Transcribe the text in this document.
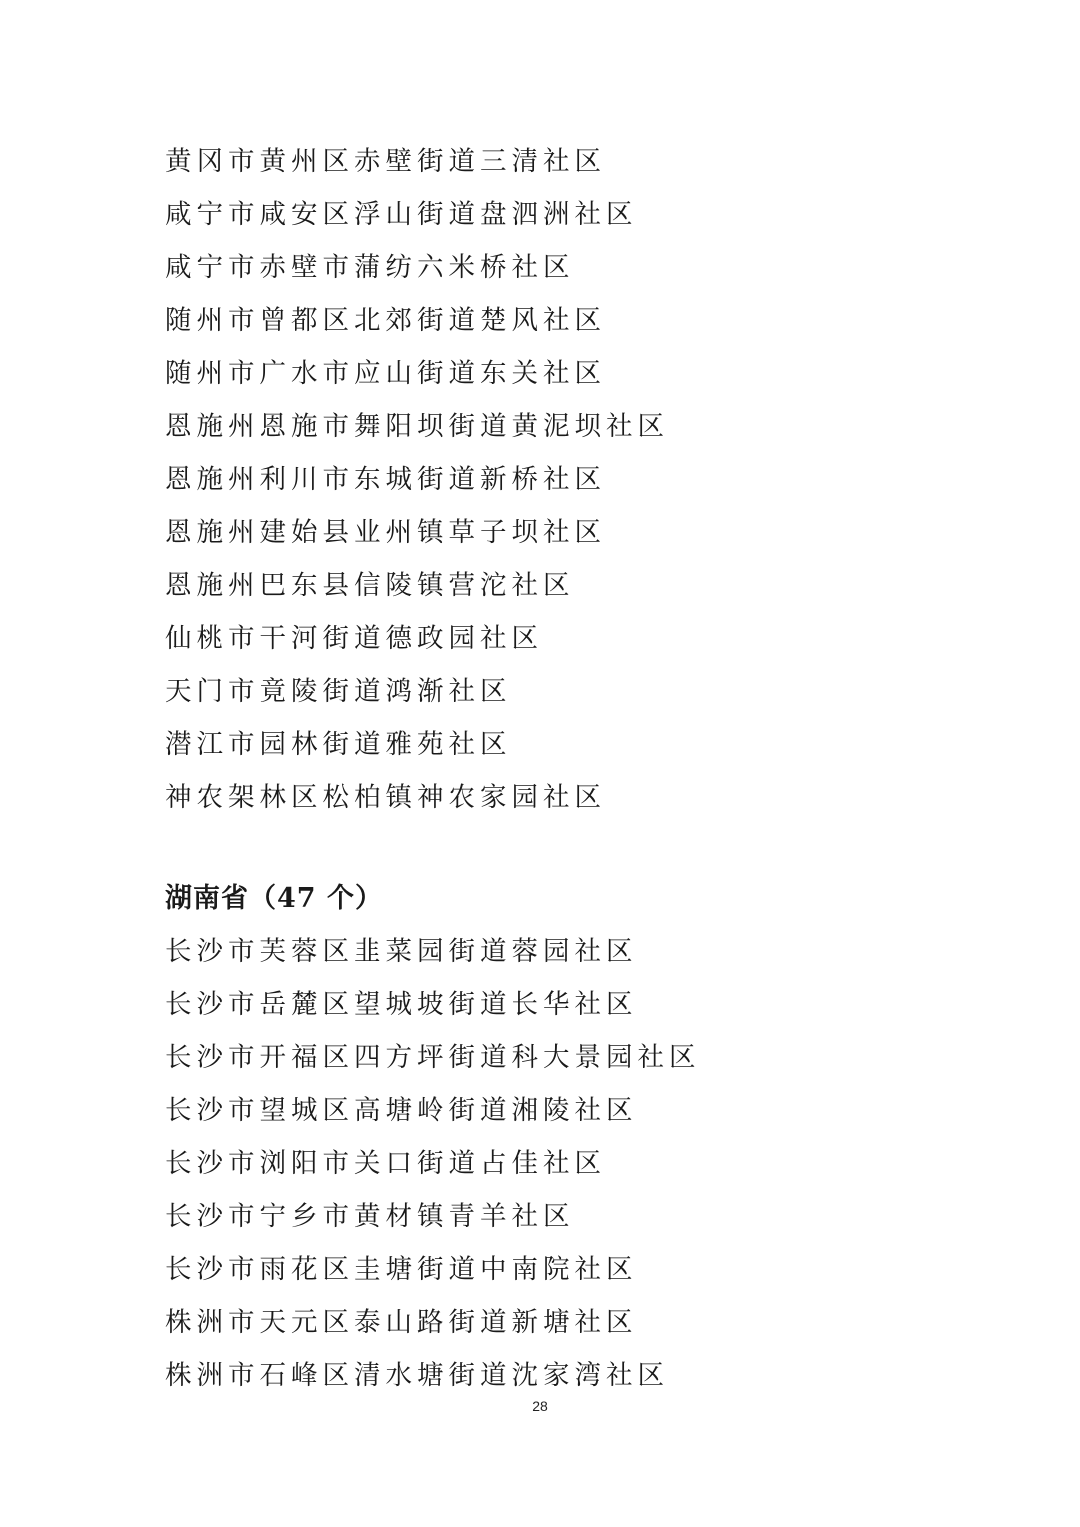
黄冈市黄州区赤壁街道三清社区
咸宁市咸安区浮山街道盘泗洲社区
咸宁市赤壁市蒲纺六米桥社区
随州市曾都区北郊街道楚风社区
随州市广水市应山街道东关社区
恩施州恩施市舞阳坝街道黄泥坝社区
恩施州利川市东城街道新桥社区
恩施州建始县业州镇草子坝社区
恩施州巴东县信陵镇营沱社区
仙桃市干河街道德政园社区
天门市竟陵街道鸿渐社区
潜江市园林街道雅苑社区
神农架林区松柏镇神农家园社区
湖南省（47 个）
长沙市芙蓉区韭菜园街道蓉园社区
长沙市岳麓区望城坡街道长华社区
长沙市开福区四方坪街道科大景园社区
长沙市望城区高塘岭街道湘陵社区
长沙市浏阳市关口街道占佳社区
长沙市宁乡市黄材镇青羊社区
长沙市雨花区圭塘街道中南院社区
株洲市天元区泰山路街道新塘社区
株洲市石峰区清水塘街道沈家湾社区
28
